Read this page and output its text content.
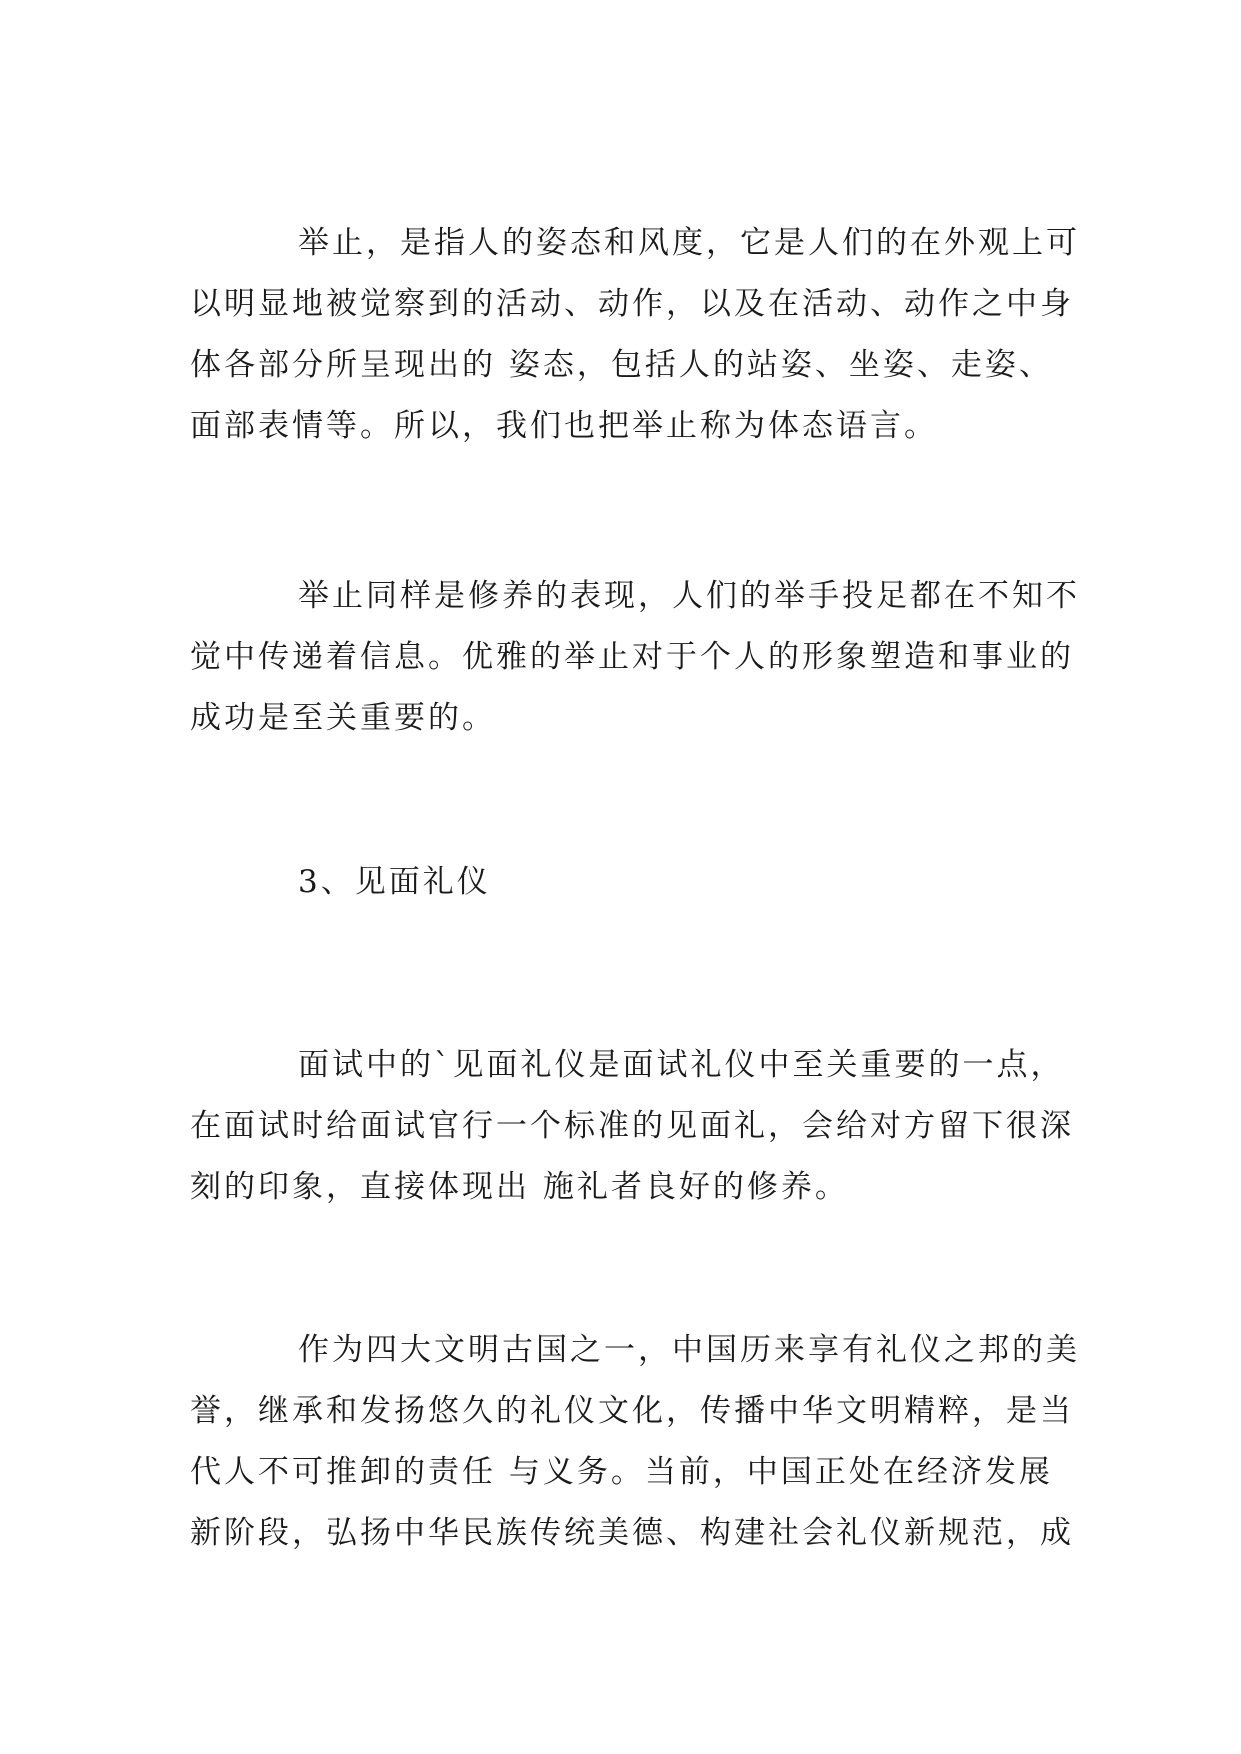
举止，是指人的姿态和风度，它是人们的在外观上可
以明显地被觉察到的活动、动作，以及在活动、动作之中身
体各部分所呈现出的 姿态，包括人的站姿、坐姿、走姿、
面部表情等。所以，我们也把举止称为体态语言。
举止同样是修养的表现，人们的举手投足都在不知不
觉中传递着信息。优雅的举止对于个人的形象塑造和事业的
成功是至关重要的。
3、见面礼仪
面试中的`见面礼仪是面试礼仪中至关重要的一点，
在面试时给面试官行一个标准的见面礼，会给对方留下很深
刻的印象，直接体现出 施礼者良好的修养。
作为四大文明古国之一，中国历来享有礼仪之邦的美
誉，继承和发扬悠久的礼仪文化，传播中华文明精粹，是当
代人不可推卸的责任 与义务。当前，中国正处在经济发展
新阶段，弘扬中华民族传统美德、构建社会礼仪新规范，成
